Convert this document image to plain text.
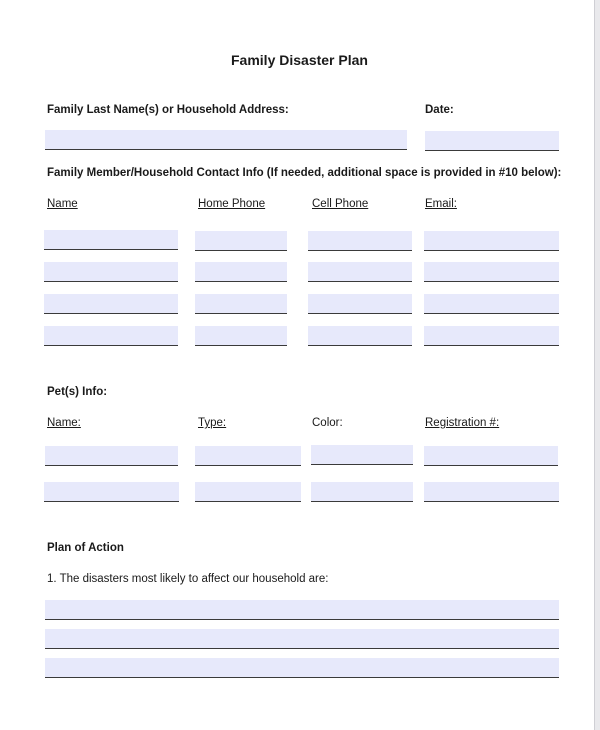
Family Disaster Plan
Family Last Name(s) or Household Address:	Date:
Family Member/Household Contact Info (If needed, additional space is provided in #10 below):
Name	Home Phone	Cell Phone	Email:
Pet(s) Info:
Name:	Type:	Color:	Registration #:
Plan of Action
1. The disasters most likely to affect our household are:
